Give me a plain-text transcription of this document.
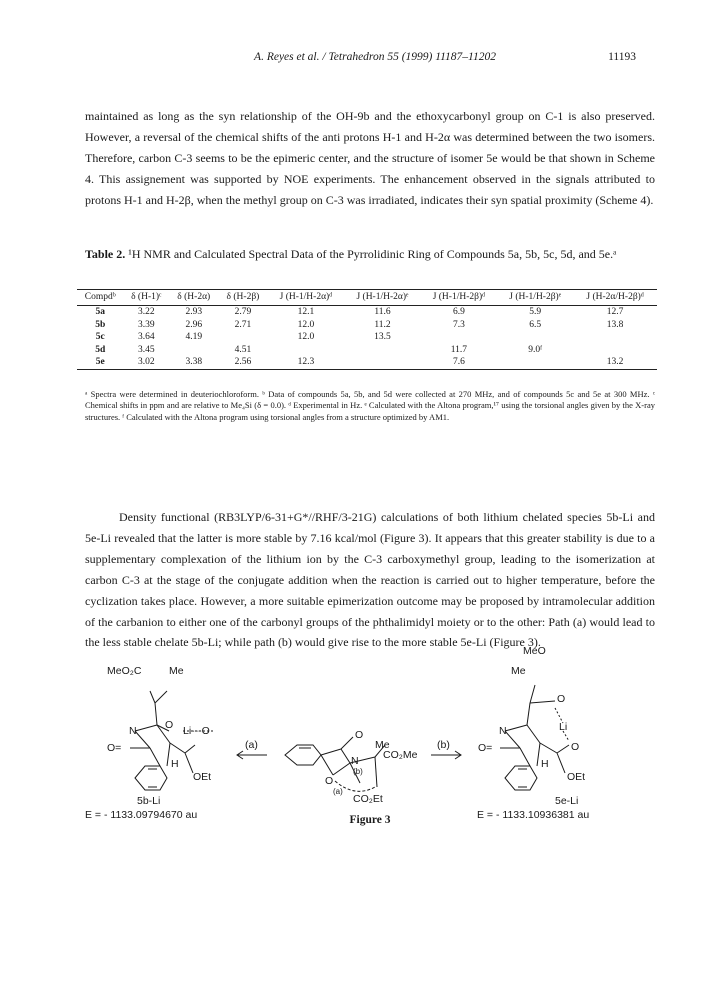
A. Reyes et al. / Tetrahedron 55 (1999) 11187–11202	11193

maintained as long as the syn relationship of the OH-9b and the ethoxycarbonyl group on C-1 is also preserved. However, a reversal of the chemical shifts of the anti protons H-1 and H-2α was determined between the two isomers. Therefore, carbon C-3 seems to be the epimeric center, and the structure of isomer 5e would be that shown in Scheme 4. This assignement was supported by NOE experiments. The enhancement observed in the signals attributed to protons H-1 and H-2β, when the methyl group on C-3 was irradiated, indicates their syn spatial proximity (Scheme 4).

Table 2. ¹H NMR and Calculated Spectral Data of the Pyrrolidinic Ring of Compounds 5a, 5b, 5c, 5d, and 5e.ᵃ
Compdᵇ	δ (H-1)ᶜ	δ (H-2α)	δ (H-2β)	J (H-1/H-2α)ᵈ	J (H-1/H-2α)ᵉ	J (H-1/H-2β)ᵈ	J (H-1/H-2β)ᵉ	J (H-2α/H-2β)ᵈ
5a	3.22	2.93	2.79	12.1	11.6	6.9	5.9	12.7
5b	3.39	2.96	2.71	12.0	11.2	7.3	6.5	13.8
5c	3.64	4.19		12.0	13.5			
5d	3.45		4.51			11.7	9.0ᶠ	
5e	3.02	3.38	2.56	12.3		7.6		13.2

ᵃ Spectra were determined in deuteriochloroform. ᵇ Data of compounds 5a, 5b, and 5d were collected at 270 MHz, and of compounds 5c and 5e at 300 MHz. ᶜ Chemical shifts in ppm and are relative to Me₄Si (δ = 0.0). ᵈ Experimental in Hz. ᵉ Calculated with the Altona program,¹⁷ using the torsional angles given by the X-ray structures. ᶠ Calculated with the Altona program using torsional angles from a structure optimized by AM1.

Density functional (RB3LYP/6-31+G*//RHF/3-21G) calculations of both lithium chelated species 5b-Li and 5e-Li revealed that the latter is more stable by 7.16 kcal/mol (Figure 3). It appears that this greater stability is due to a supplementary complexation of the lithium ion by the C-3 carboxymethyl group, leading to the isomerization at carbon C-3 at the stage of the conjugate addition when the reaction is carried out to higher temperature, before the cyclization takes place. However, a more suitable epimerization outcome may be proposed by intramolecular addition of the carbanion to either one of the carbonyl groups of the phthalimidyl moiety or to the other: Path (a) would lead to the less stable chelate 5b-Li; while path (b) would give rise to the more stable 5e-Li (Figure 3).

MeO₂C	Me
O Li---O
N
O=
H
OEt
5b-Li
E = - 1133.09794670 au
O
Me
N CO₂Me
O
(b)
(a)
CO₂Et
(a)	(b)
MeO
Me
O
Li
O
N
O=
H
OEt
5e-Li
E = - 1133.10936381 au
Figure 3
